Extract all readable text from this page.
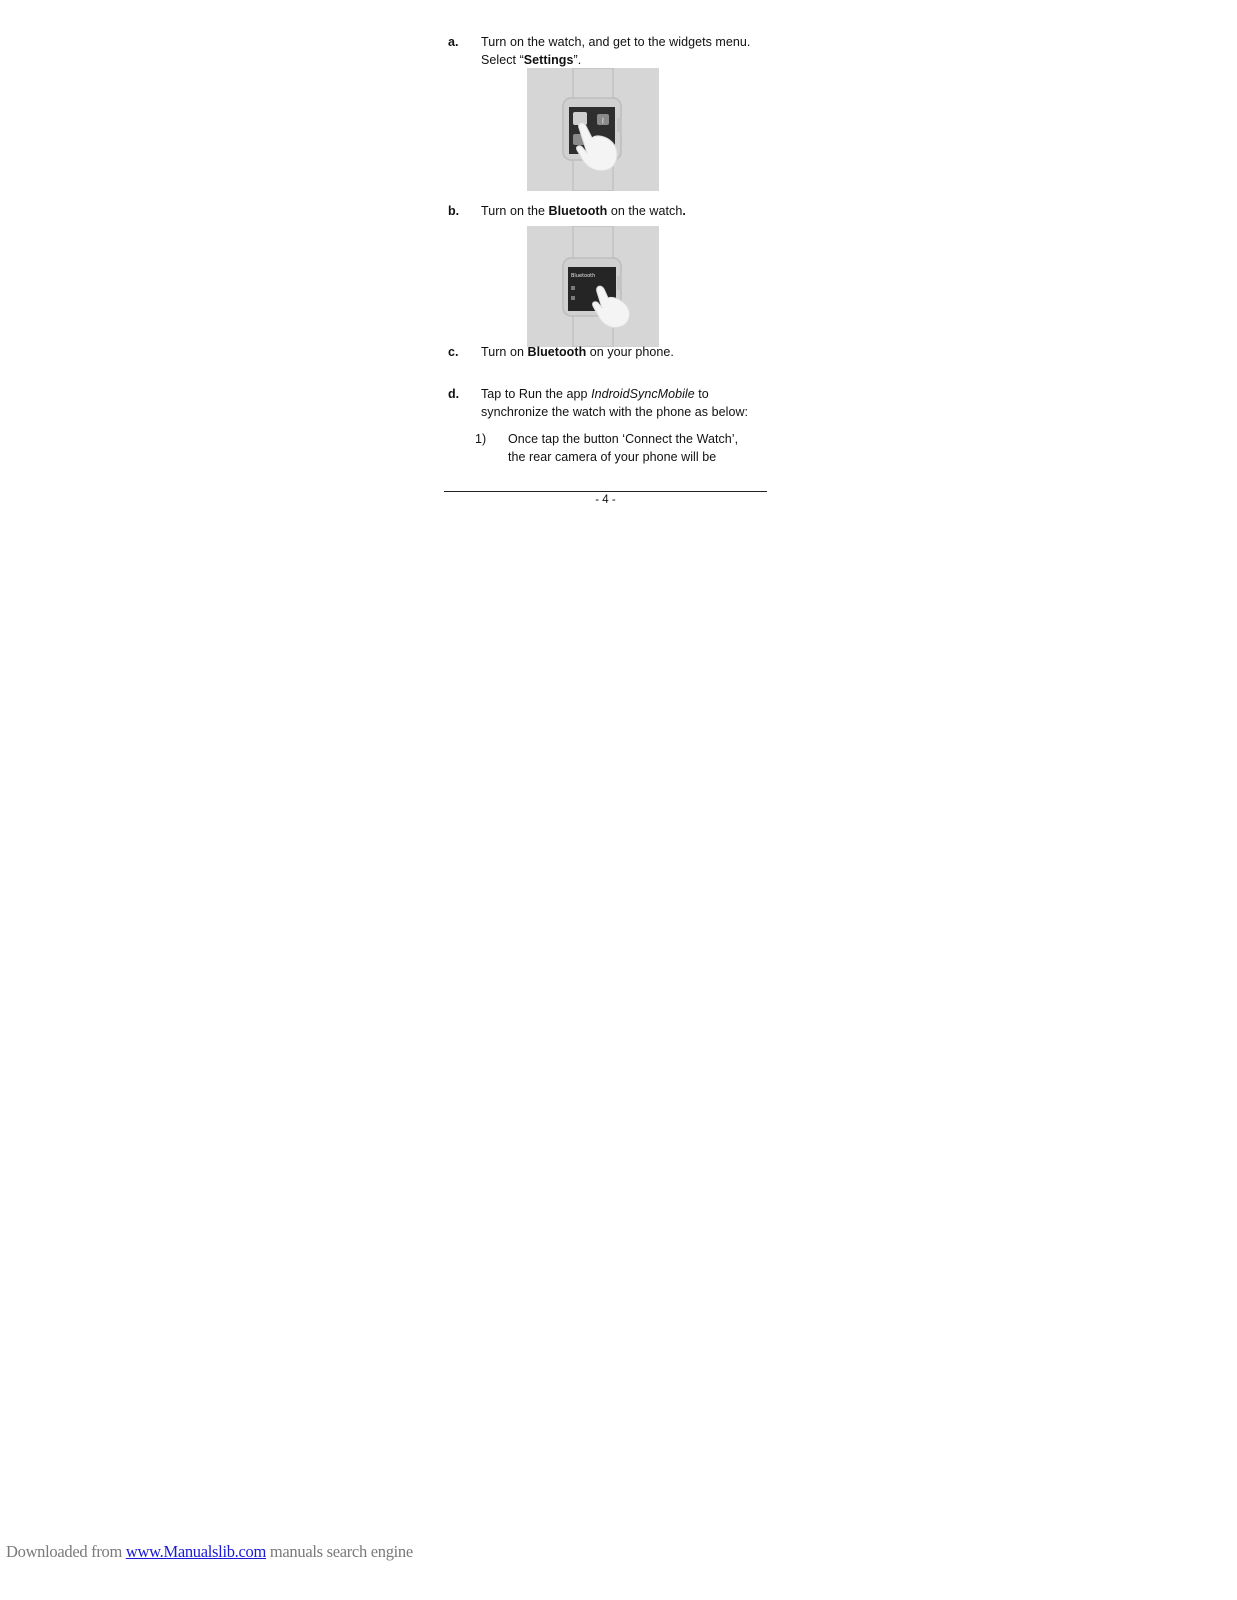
a. Turn on the watch, and get to the widgets menu.
Select “Settings”.
ᛒ
b. Turn on the Bluetooth on the watch.
Bluetooth
c. Turn on Bluetooth on your phone.
d. Tap to Run the app IndroidSyncMobile to
synchronize the watch with the phone as below:
1) Once tap the button ‘Connect the Watch’,
the rear camera of your phone will be
- 4 -
Downloaded from www.Manualslib.com manuals search engine
